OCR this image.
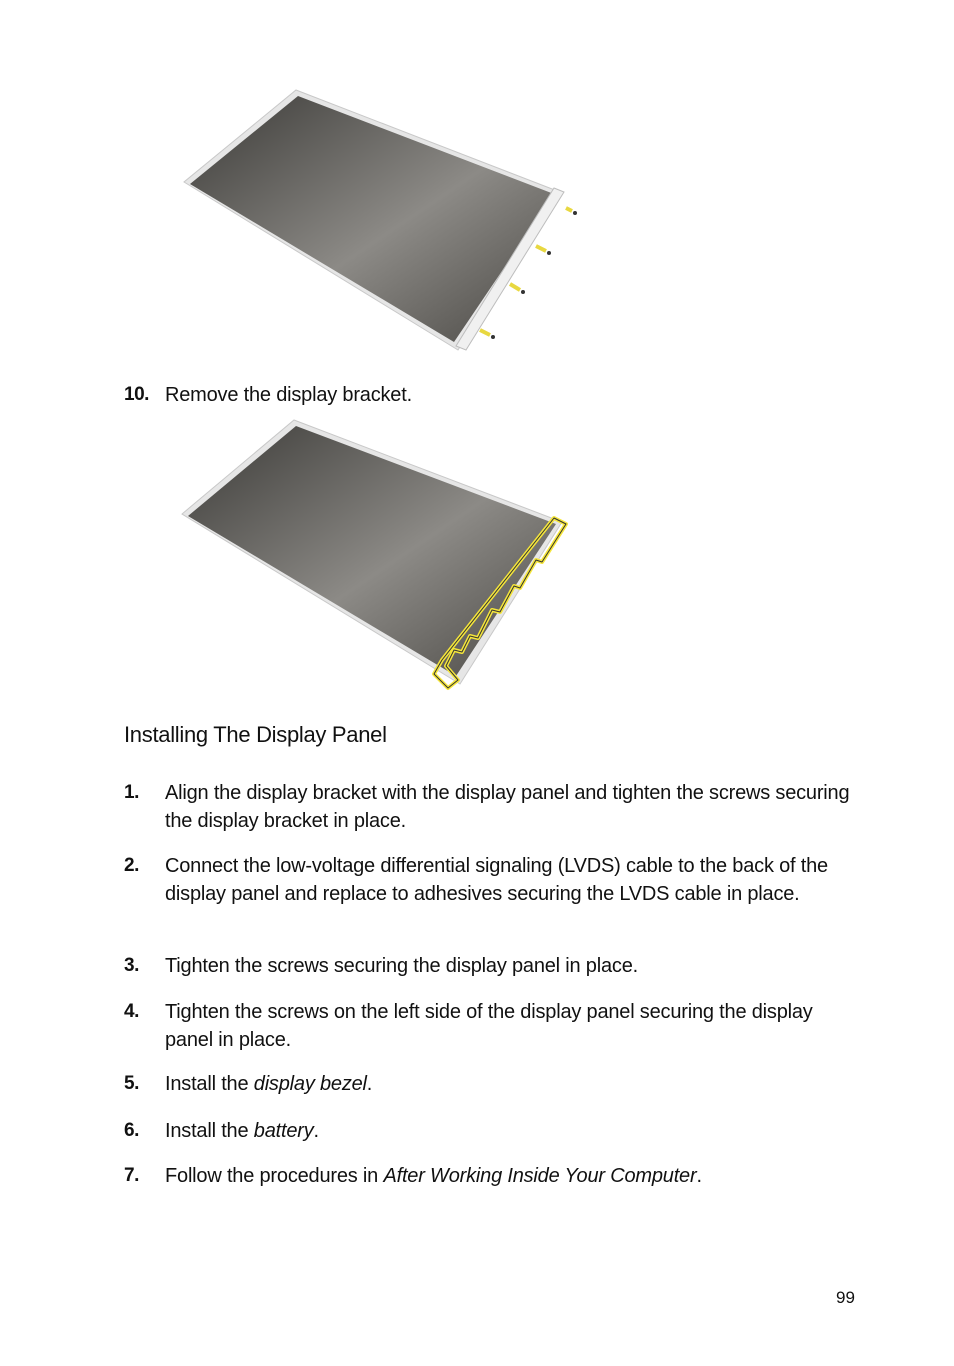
10. Remove the display bracket.
Installing The Display Panel
1. Align the display bracket with the display panel and tighten the screws securing the display bracket in place.
2. Connect the low-voltage differential signaling (LVDS) cable to the back of the display panel and replace to adhesives securing the LVDS cable in place.
3. Tighten the screws securing the display panel in place.
4. Tighten the screws on the left side of the display panel securing the display panel in place.
5. Install the display bezel.
6. Install the battery.
7. Follow the procedures in After Working Inside Your Computer.
99
